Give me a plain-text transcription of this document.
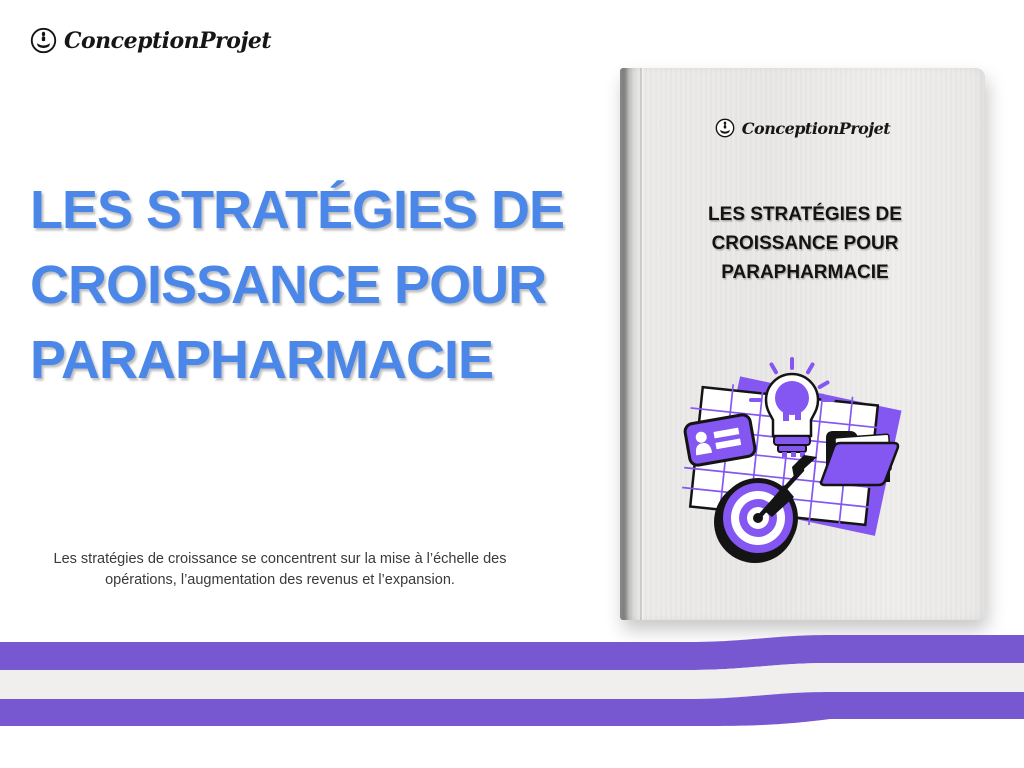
ConceptionProjet
LES STRATÉGIES DE
CROISSANCE POUR
PARAPHARMACIE

Les stratégies de croissance se concentrent sur la mise à l’échelle des opérations, l’augmentation des revenus et l’expansion.

ConceptionProjet
LES STRATÉGIES DE
CROISSANCE POUR
PARAPHARMACIE
